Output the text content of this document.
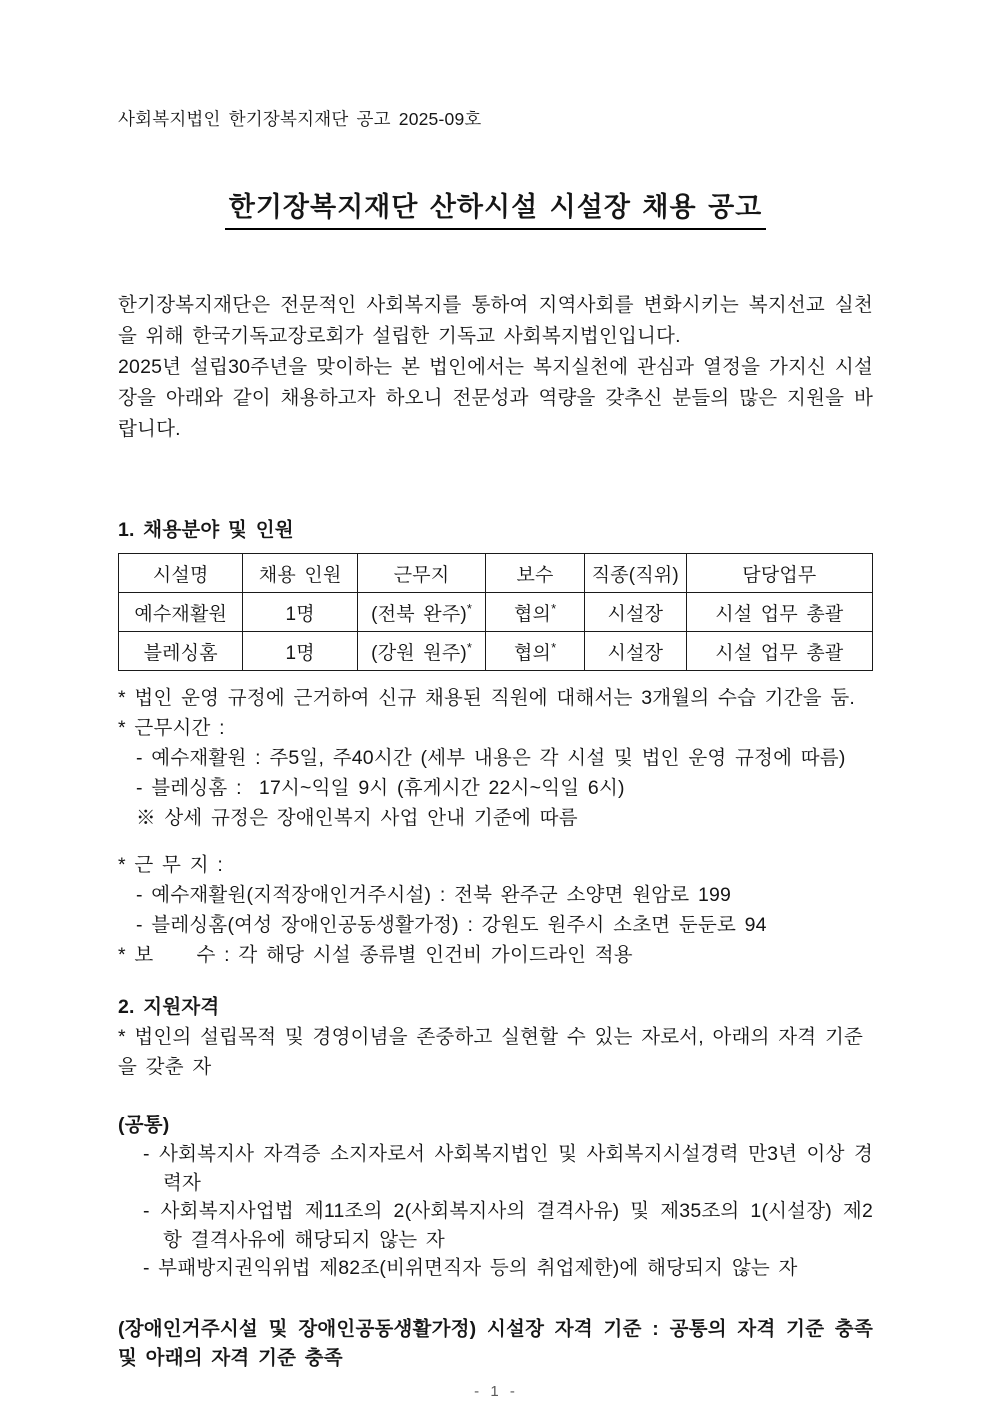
사회복지법인 한기장복지재단 공고 2025-09호
한기장복지재단 산하시설 시설장 채용 공고

한기장복지재단은 전문적인 사회복지를 통하여 지역사회를 변화시키는 복지선교 실천을 위해 한국기독교장로회가 설립한 기독교 사회복지법인입니다.

2025년 설립30주년을 맞이하는 본 법인에서는 복지실천에 관심과 열정을 가지신 시설장을 아래와 같이 채용하고자 하오니 전문성과 역량을 갖추신 분들의 많은 지원을 바랍니다.

1. 채용분야 및 인원
시설명	채용 인원	근무지	보수	직종(직위)	담당업무
예수재활원	1명	(전북 완주)*	협의*	시설장	시설 업무 총괄
블레싱홈	1명	(강원 원주)*	협의*	시설장	시설 업무 총괄
* 법인 운영 규정에 근거하여 신규 채용된 직원에 대해서는 3개월의 수습 기간을 둠.
* 근무시간 :
- 예수재활원 : 주5일, 주40시간 (세부 내용은 각 시설 및 법인 운영 규정에 따름)
- 블레싱홈 :  17시~익일 9시 (휴게시간 22시~익일 6시)
※ 상세 규정은 장애인복지 사업 안내 기준에 따름
* 근 무 지 :
- 예수재활원(지적장애인거주시설) : 전북 완주군 소양면 원암로 199
- 블레싱홈(여성 장애인공동생활가정) : 강원도 원주시 소초면 둔둔로 94
* 보     수 : 각 해당 시설 종류별 인건비 가이드라인 적용
2. 지원자격

* 법인의 설립목적 및 경영이념을 존중하고 실현할 수 있는 자로서, 아래의 자격 기준을 갖춘 자

(공통)
- 사회복지사 자격증 소지자로서 사회복지법인 및 사회복지시설경력 만3년 이상 경력자
- 사회복지사업법 제11조의 2(사회복지사의 결격사유) 및 제35조의 1(시설장) 제2항 결격사유에 해당되지 않는 자
- 부패방지권익위법 제82조(비위면직자 등의 취업제한)에 해당되지 않는 자

(장애인거주시설 및 장애인공동생활가정) 시설장 자격 기준 : 공통의 자격 기준 충족 및 아래의 자격 기준 충족

- 1 -
